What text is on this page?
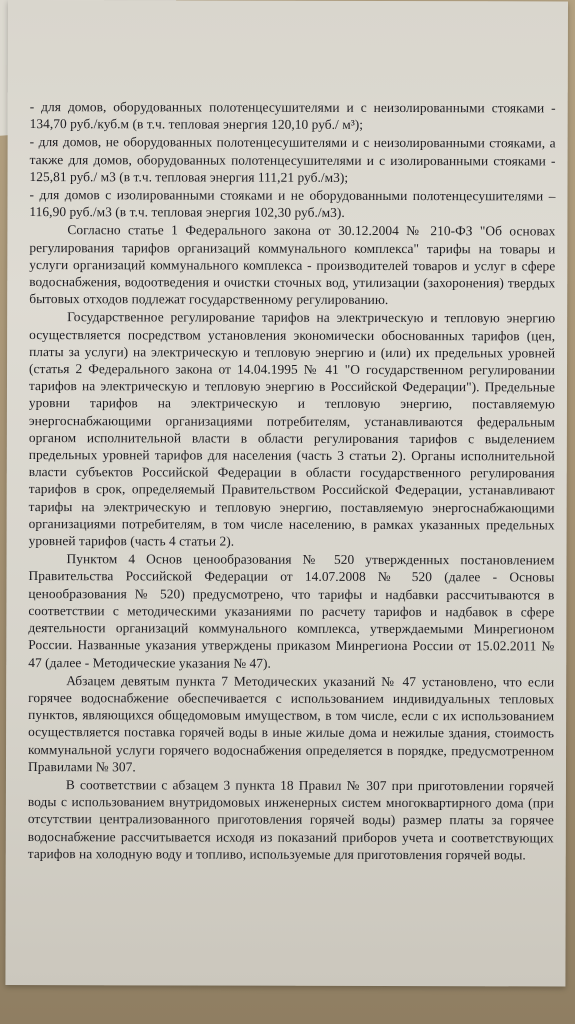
- для домов, оборудованных полотенцесушителями и с неизолированными стояками - 134,70 руб./куб.м (в т.ч. тепловая энергия 120,10 руб./ м³);

- для домов, не оборудованных полотенцесушителями и с неизолированными стояками, а также для домов, оборудованных полотенцесушителями и с изолированными стояками - 125,81 руб./ м3 (в т.ч. тепловая энергия 111,21 руб./м3);

- для домов с изолированными стояками и не оборудованными полотенцесушителями – 116,90 руб./м3 (в т.ч. тепловая энергия 102,30 руб./м3).

Согласно статье 1 Федерального закона от 30.12.2004 № 210-ФЗ "Об основах регулирования тарифов организаций коммунального комплекса" тарифы на товары и услуги организаций коммунального комплекса - производителей товаров и услуг в сфере водоснабжения, водоотведения и очистки сточных вод, утилизации (захоронения) твердых бытовых отходов подлежат государственному регулированию.

Государственное регулирование тарифов на электрическую и тепловую энергию осуществляется посредством установления экономически обоснованных тарифов (цен, платы за услуги) на электрическую и тепловую энергию и (или) их предельных уровней (статья 2 Федерального закона от 14.04.1995 № 41 "О государственном регулировании тарифов на электрическую и тепловую энергию в Российской Федерации"). Предельные уровни тарифов на электрическую и тепловую энергию, поставляемую энергоснабжающими организациями потребителям, устанавливаются федеральным органом исполнительной власти в области регулирования тарифов с выделением предельных уровней тарифов для населения (часть 3 статьи 2). Органы исполнительной власти субъектов Российской Федерации в области государственного регулирования тарифов в срок, определяемый Правительством Российской Федерации, устанавливают тарифы на электрическую и тепловую энергию, поставляемую энергоснабжающими организациями потребителям, в том числе населению, в рамках указанных предельных уровней тарифов (часть 4 статьи 2).

Пунктом 4 Основ ценообразования № 520 утвержденных постановлением Правительства Российской Федерации от 14.07.2008 № 520 (далее - Основы ценообразования № 520) предусмотрено, что тарифы и надбавки рассчитываются в соответствии с методическими указаниями по расчету тарифов и надбавок в сфере деятельности организаций коммунального комплекса, утверждаемыми Минрегионом России. Названные указания утверждены приказом Минрегиона России от 15.02.2011 № 47 (далее - Методические указания № 47).

Абзацем девятым пункта 7 Методических указаний № 47 установлено, что если горячее водоснабжение обеспечивается с использованием индивидуальных тепловых пунктов, являющихся общедомовым имуществом, в том числе, если с их использованием осуществляется поставка горячей воды в иные жилые дома и нежилые здания, стоимость коммунальной услуги горячего водоснабжения определяется в порядке, предусмотренном Правилами № 307.

В соответствии с абзацем 3 пункта 18 Правил № 307 при приготовлении горячей воды с использованием внутридомовых инженерных систем многоквартирного дома (при отсутствии централизованного приготовления горячей воды) размер платы за горячее водоснабжение рассчитывается исходя из показаний приборов учета и соответствующих тарифов на холодную воду и топливо, используемые для приготовления горячей воды.
